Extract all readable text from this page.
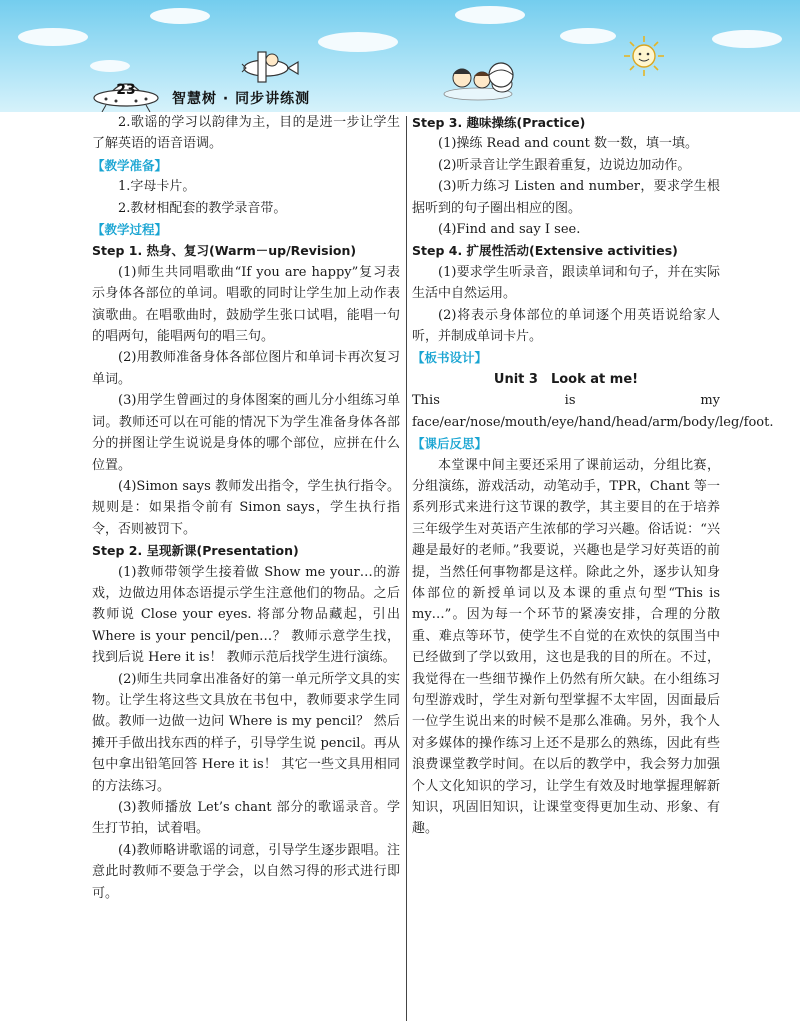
23
智慧树 · 同步讲练测

2.歌谣的学习以韵律为主，目的是进一步让学生了解英语的语音语调。

【教学准备】

1.字母卡片。

2.教材相配套的教学录音带。

【教学过程】

Step 1. 热身、复习(Warm－up/Revision)

(1)师生共同唱歌曲“If you are happy”复习表示身体各部位的单词。唱歌的同时让学生加上动作表演歌曲。在唱歌曲时，鼓励学生张口试唱，能唱一句的唱两句，能唱两句的唱三句。

(2)用教师准备身体各部位图片和单词卡再次复习单词。

(3)用学生曾画过的身体图案的画儿分小组练习单词。教师还可以在可能的情况下为学生准备身体各部分的拼图让学生说说是身体的哪个部位，应拼在什么位置。

(4)Simon says 教师发出指令，学生执行指令。规则是：如果指令前有 Simon says，学生执行指令，否则被罚下。

Step 2. 呈现新课(Presentation)

(1)教师带领学生接着做 Show me your…的游戏，边做边用体态语提示学生注意他们的物品。之后教师说 Close your eyes. 将部分物品藏起，引出 Where is your pencil/pen…？ 教师示意学生找，找到后说 Here it is！ 教师示范后找学生进行演练。

(2)师生共同拿出准备好的第一单元所学文具的实物。让学生将这些文具放在书包中，教师要求学生同做。教师一边做一边问 Where is my pencil？ 然后摊开手做出找东西的样子，引导学生说 pencil。再从包中拿出铅笔回答 Here it is！ 其它一些文具用相同的方法练习。

(3)教师播放 Let’s chant 部分的歌谣录音。学生打节拍，试着唱。

(4)教师略讲歌谣的词意，引导学生逐步跟唱。注意此时教师不要急于学会，以自然习得的形式进行即可。

Step 3. 趣味操练(Practice)

(1)操练 Read and count 数一数，填一填。

(2)听录音让学生跟着重复，边说边加动作。

(3)听力练习 Listen and number，要求学生根据听到的句子圈出相应的图。

(4)Find and say I see.

Step 4. 扩展性活动(Extensive activities)

(1)要求学生听录音，跟读单词和句子，并在实际生活中自然运用。

(2)将表示身体部位的单词逐个用英语说给家人听，并制成单词卡片。

【板书设计】

Unit 3　Look at me!

This is my face/ear/nose/mouth/eye/hand/head/arm/body/leg/foot.

【课后反思】

本堂课中间主要还采用了课前运动，分组比赛，分组演练，游戏活动，动笔动手，TPR，Chant 等一系列形式来进行这节课的教学，其主要目的在于培养三年级学生对英语产生浓郁的学习兴趣。俗话说：“兴趣是最好的老师。”我要说，兴趣也是学习好英语的前提，当然任何事物都是这样。除此之外，逐步认知身体部位的新授单词以及本课的重点句型“This is my…”。因为每一个环节的紧凑安排，合理的分散重、难点等环节，使学生不自觉的在欢快的氛围当中已经做到了学以致用，这也是我的目的所在。不过，我觉得在一些细节操作上仍然有所欠缺。在小组练习句型游戏时，学生对新句型掌握不太牢固，因面最后一位学生说出来的时候不是那么准确。另外，我个人对多媒体的操作练习上还不是那么的熟练，因此有些浪费课堂教学时间。在以后的教学中，我会努力加强个人文化知识的学习，让学生有效及时地掌握理解新知识，巩固旧知识，让课堂变得更加生动、形象、有趣。
